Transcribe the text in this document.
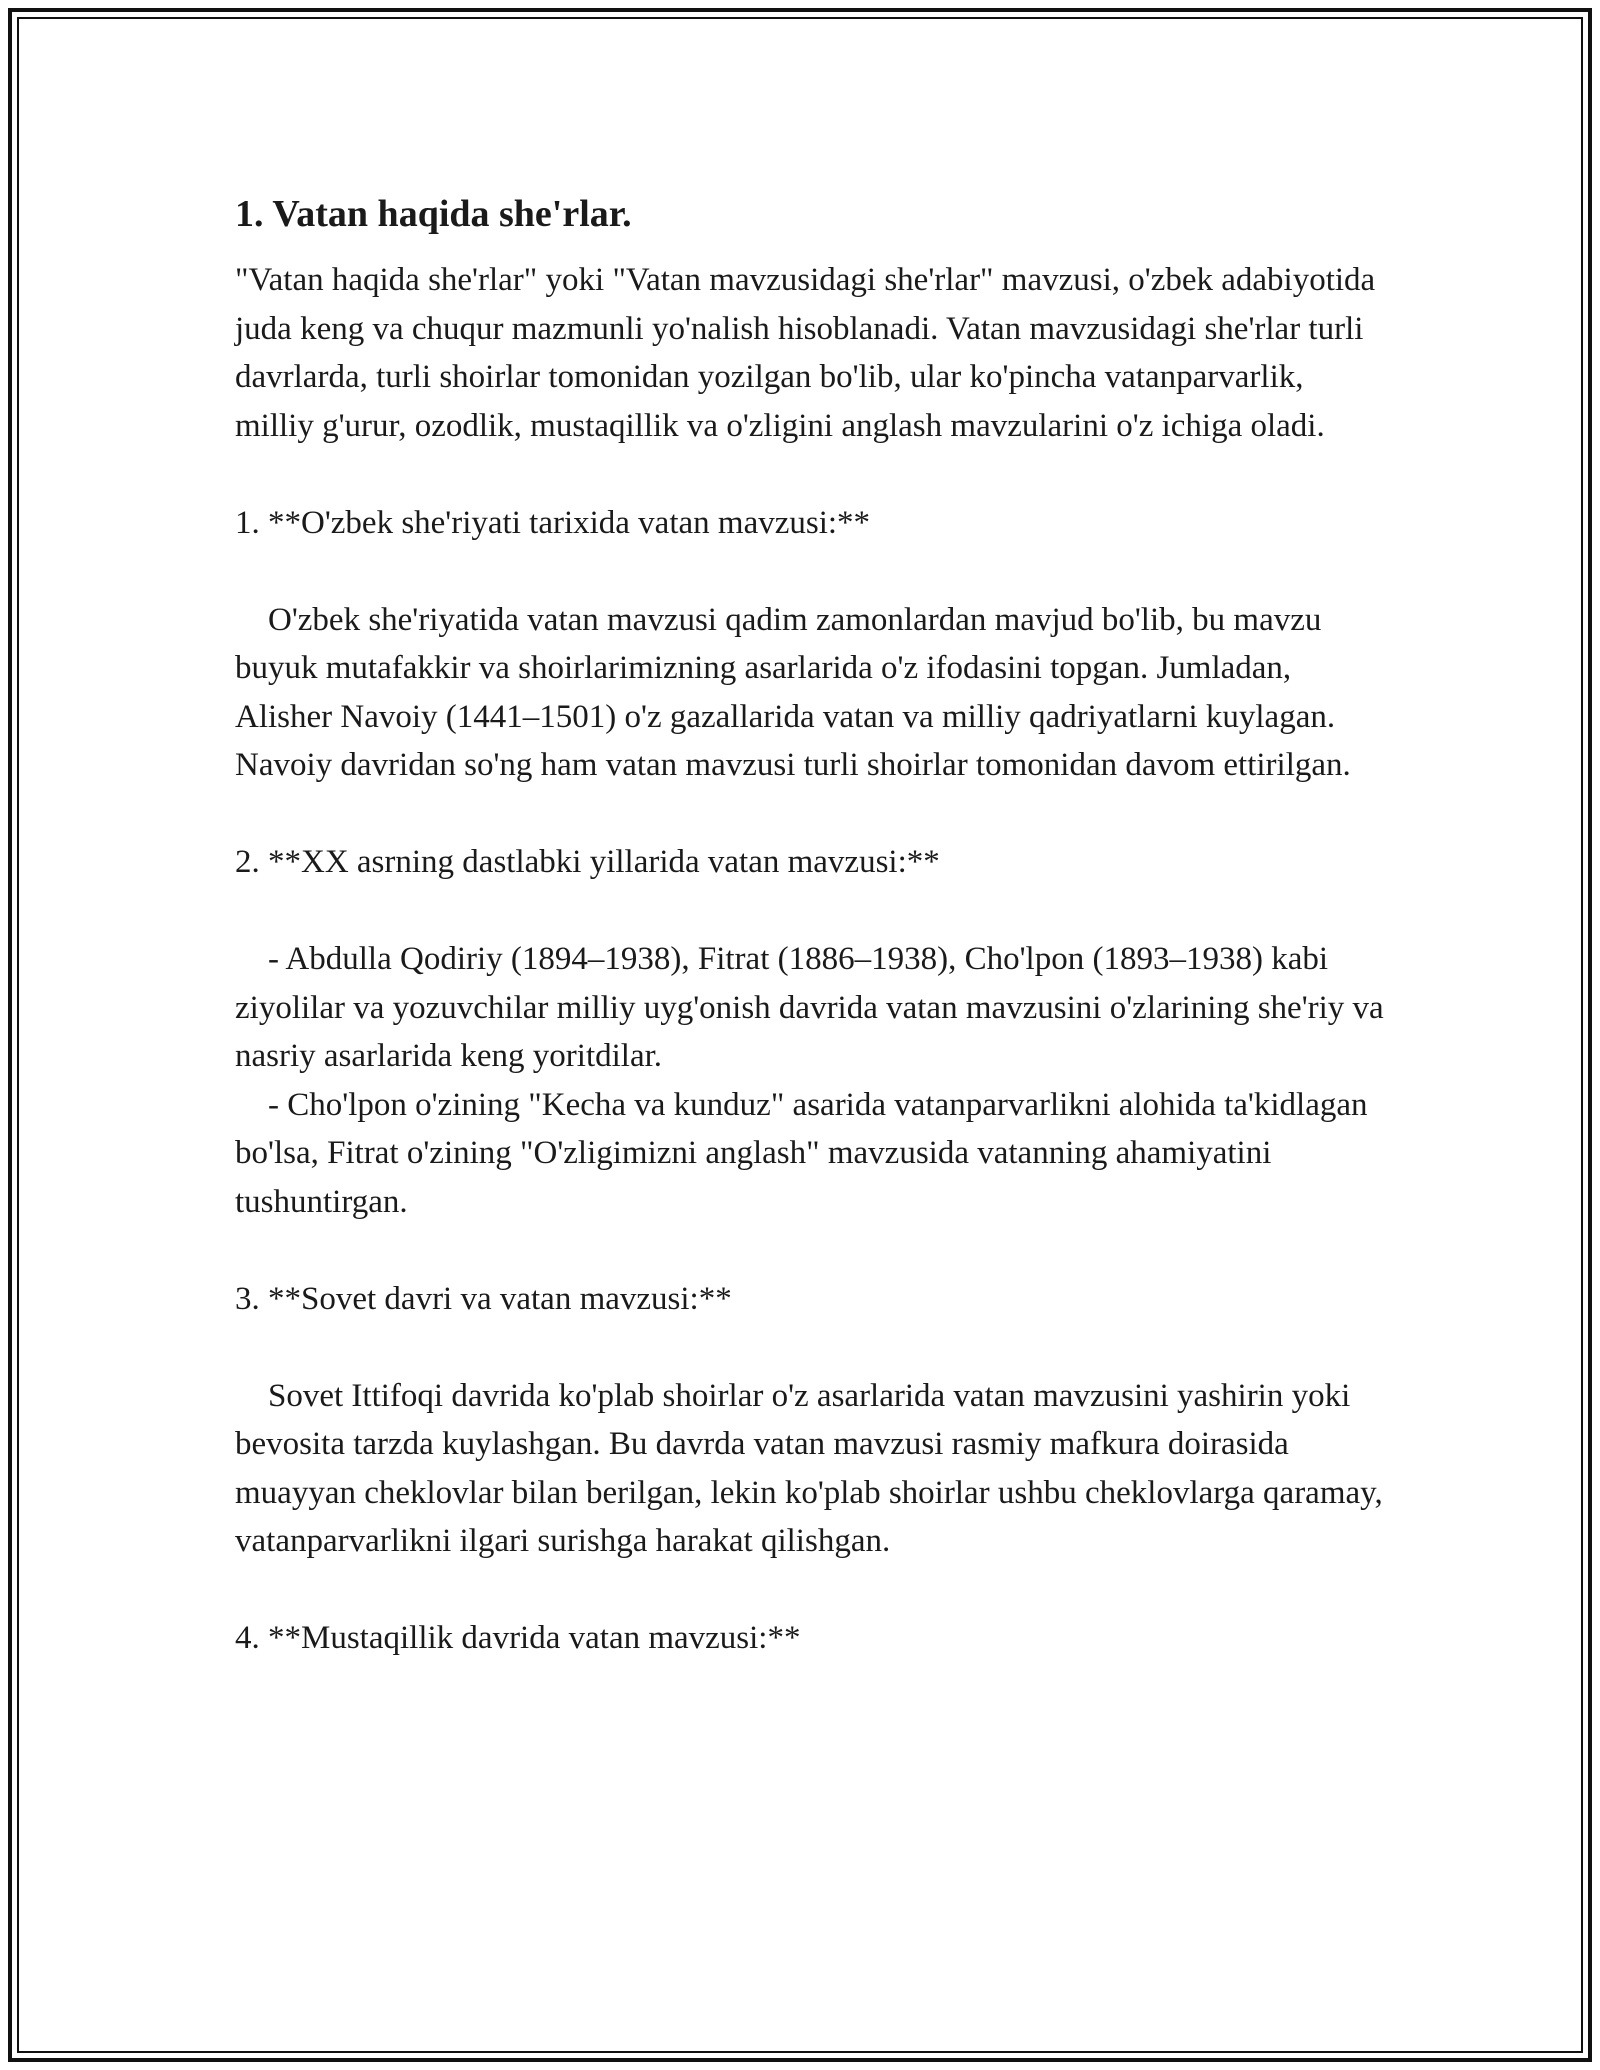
1. Vatan haqida she'rlar.

"Vatan haqida she'rlar" yoki "Vatan mavzusidagi she'rlar" mavzusi, o'zbek adabiyotida juda keng va chuqur mazmunli yo'nalish hisoblanadi. Vatan mavzusidagi she'rlar turli davrlarda, turli shoirlar tomonidan yozilgan bo'lib, ular ko'pincha vatanparvarlik, milliy g'urur, ozodlik, mustaqillik va o'zligini anglash mavzularini o'z ichiga oladi.

1. **O'zbek she'riyati tarixida vatan mavzusi:**

O'zbek she'riyatida vatan mavzusi qadim zamonlardan mavjud bo'lib, bu mavzu buyuk mutafakkir va shoirlarimizning asarlarida o'z ifodasini topgan. Jumladan, Alisher Navoiy (1441–1501) o'z gazallarida vatan va milliy qadriyatlarni kuylagan. Navoiy davridan so'ng ham vatan mavzusi turli shoirlar tomonidan davom ettirilgan.

2. **XX asrning dastlabki yillarida vatan mavzusi:**

- Abdulla Qodiriy (1894–1938), Fitrat (1886–1938), Cho'lpon (1893–1938) kabi ziyolilar va yozuvchilar milliy uyg'onish davrida vatan mavzusini o'zlarining she'riy va nasriy asarlarida keng yoritdilar.
- Cho'lpon o'zining "Kecha va kunduz" asarida vatanparvarlikni alohida ta'kidlagan bo'lsa, Fitrat o'zining "O'zligimizni anglash" mavzusida vatanning ahamiyatini tushuntirgan.

3. **Sovet davri va vatan mavzusi:**

Sovet Ittifoqi davrida ko'plab shoirlar o'z asarlarida vatan mavzusini yashirin yoki bevosita tarzda kuylashgan. Bu davrda vatan mavzusi rasmiy mafkura doirasida muayyan cheklovlar bilan berilgan, lekin ko'plab shoirlar ushbu cheklovlarga qaramay, vatanparvarlikni ilgari surishga harakat qilishgan.

4. **Mustaqillik davrida vatan mavzusi:**
